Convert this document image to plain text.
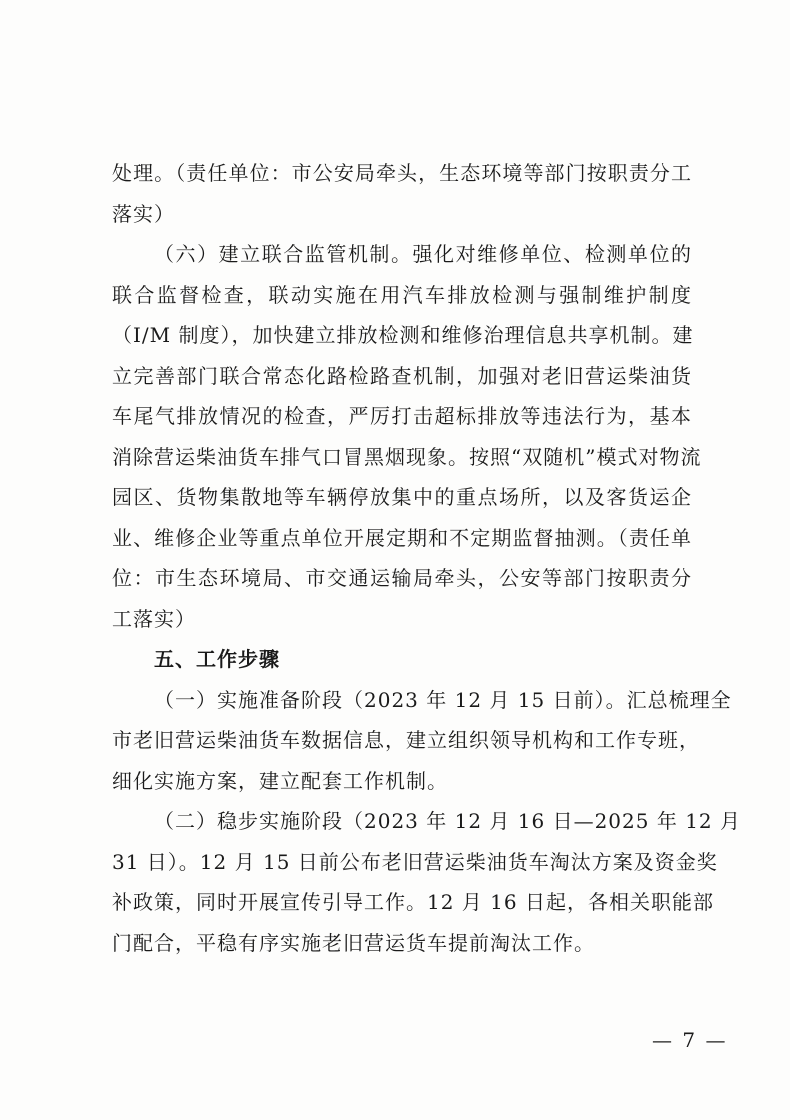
处理。（责任单位：市公安局牵头，生态环境等部门按职责分工
落实）

（六）建立联合监管机制。强化对维修单位、检测单位的
联合监督检查，联动实施在用汽车排放检测与强制维护制度
（I/M 制度），加快建立排放检测和维修治理信息共享机制。建
立完善部门联合常态化路检路查机制，加强对老旧营运柴油货
车尾气排放情况的检查，严厉打击超标排放等违法行为，基本
消除营运柴油货车排气口冒黑烟现象。按照“双随机”模式对物流
园区、货物集散地等车辆停放集中的重点场所，以及客货运企
业、维修企业等重点单位开展定期和不定期监督抽测。（责任单
位：市生态环境局、市交通运输局牵头，公安等部门按职责分
工落实）

五、工作步骤

（一）实施准备阶段（2023 年 12 月 15 日前）。汇总梳理全
市老旧营运柴油货车数据信息，建立组织领导机构和工作专班，
细化实施方案，建立配套工作机制。

（二）稳步实施阶段（2023 年 12 月 16 日—2025 年 12 月
31 日）。12 月 15 日前公布老旧营运柴油货车淘汰方案及资金奖
补政策，同时开展宣传引导工作。12 月 16 日起，各相关职能部
门配合，平稳有序实施老旧营运货车提前淘汰工作。

— 7 —
